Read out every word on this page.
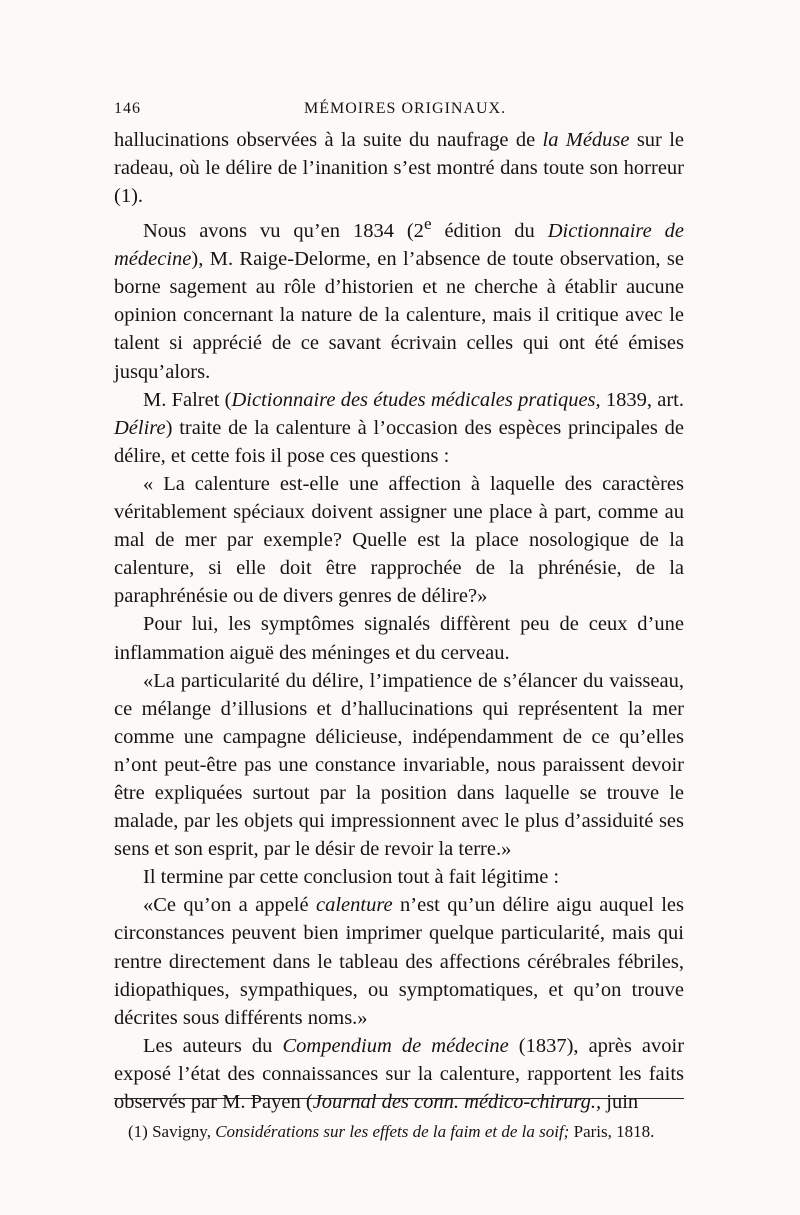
146	MÉMOIRES ORIGINAUX.

hallucinations observées à la suite du naufrage de la Méduse sur le radeau, où le délire de l’inanition s’est montré dans toute son horreur (1).

Nous avons vu qu’en 1834 (2e édition du Dictionnaire de médecine), M. Raige-Delorme, en l’absence de toute observation, se borne sagement au rôle d’historien et ne cherche à établir aucune opinion concernant la nature de la calenture, mais il critique avec le talent si apprécié de ce savant écrivain celles qui ont été émises jusqu’alors.

M. Falret (Dictionnaire des études médicales pratiques, 1839, art. Délire) traite de la calenture à l’occasion des espèces principales de délire, et cette fois il pose ces questions :

« La calenture est-elle une affection à laquelle des caractères véritablement spéciaux doivent assigner une place à part, comme au mal de mer par exemple? Quelle est la place nosologique de la calenture, si elle doit être rapprochée de la phrénésie, de la paraphrénésie ou de divers genres de délire?»

Pour lui, les symptômes signalés diffèrent peu de ceux d’une inflammation aiguë des méninges et du cerveau.

«La particularité du délire, l’impatience de s’élancer du vaisseau, ce mélange d’illusions et d’hallucinations qui représentent la mer comme une campagne délicieuse, indépendamment de ce qu’elles n’ont peut-être pas une constance invariable, nous paraissent devoir être expliquées surtout par la position dans laquelle se trouve le malade, par les objets qui impressionnent avec le plus d’assiduité ses sens et son esprit, par le désir de revoir la terre.»

Il termine par cette conclusion tout à fait légitime :

«Ce qu’on a appelé calenture n’est qu’un délire aigu auquel les circonstances peuvent bien imprimer quelque particularité, mais qui rentre directement dans le tableau des affections cérébrales fébriles, idiopathiques, sympathiques, ou symptomatiques, et qu’on trouve décrites sous différents noms.»

Les auteurs du Compendium de médecine (1837), après avoir exposé l’état des connaissances sur la calenture, rapportent les faits observés par M. Payen (Journal des conn. médico-chirurg., juin

(1) Savigny, Considérations sur les effets de la faim et de la soif; Paris, 1818.
